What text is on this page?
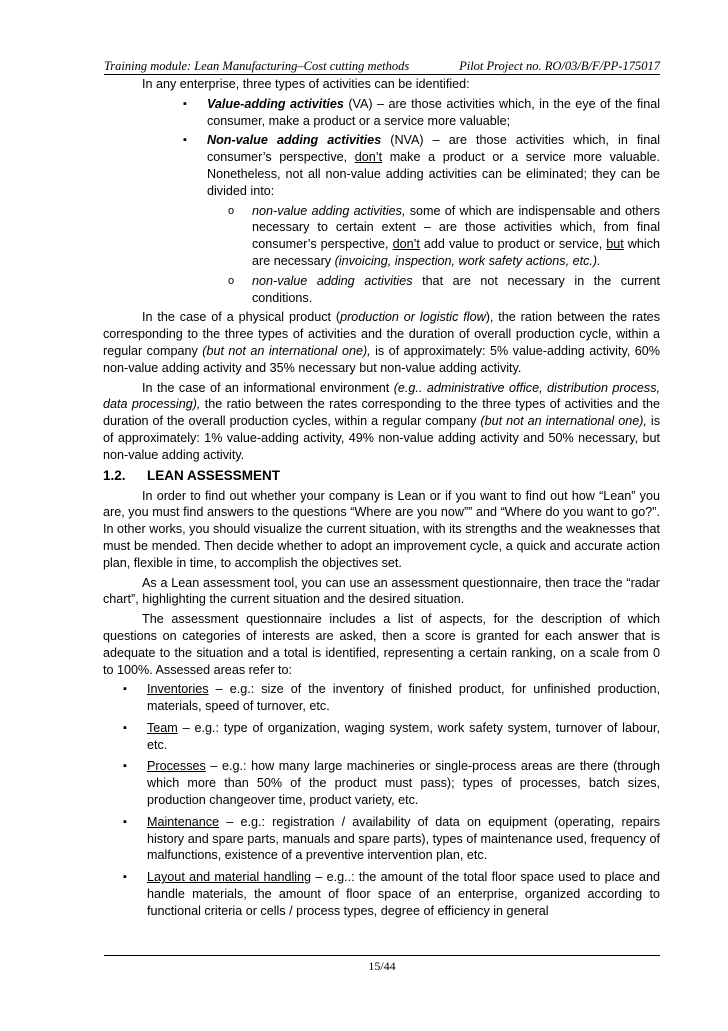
Training module: Lean Manufacturing–Cost cutting methods	Pilot Project no. RO/03/B/F/PP-175017

In any enterprise, three types of activities can be identified:

▪ Value-adding activities (VA) – are those activities which, in the eye of the final consumer, make a product or a service more valuable;
▪ Non-value adding activities (NVA) – are those activities which, in final consumer’s perspective, don’t make a product or a service more valuable. Nonetheless, not all non-value adding activities can be eliminated; they can be divided into:
o non-value adding activities, some of which are indispensable and others necessary to certain extent – are those activities which, from final consumer’s perspective, don’t add value to product or service, but which are necessary (invoicing, inspection, work safety actions, etc.).
o non-value adding activities that are not necessary in the current conditions.

In the case of a physical product (production or logistic flow), the ration between the rates corresponding to the three types of activities and the duration of overall production cycle, within a regular company (but not an international one), is of approximately: 5% value-adding activity, 60% non-value adding activity and 35% necessary but non-value adding activity.

In the case of an informational environment (e.g.. administrative office, distribution process, data processing), the ratio between the rates corresponding to the three types of activities and the duration of the overall production cycles, within a regular company (but not an international one), is of approximately: 1% value-adding activity, 49% non-value adding activity and 50% necessary, but non-value adding activity.

1.2. LEAN ASSESSMENT

In order to find out whether your company is Lean or if you want to find out how “Lean” you are, you must find answers to the questions “Where are you now”” and “Where do you want to go?”. In other works, you should visualize the current situation, with its strengths and the weaknesses that must be mended. Then decide whether to adopt an improvement cycle, a quick and accurate action plan, flexible in time, to accomplish the objectives set.

As a Lean assessment tool, you can use an assessment questionnaire, then trace the “radar chart”, highlighting the current situation and the desired situation.

The assessment questionnaire includes a list of aspects, for the description of which questions on categories of interests are asked, then a score is granted for each answer that is adequate to the situation and a total is identified, representing a certain ranking, on a scale from 0 to 100%. Assessed areas refer to:

▪ Inventories – e.g.: size of the inventory of finished product, for unfinished production, materials, speed of turnover, etc.
▪ Team – e.g.: type of organization, waging system, work safety system, turnover of labour, etc.
▪ Processes – e.g.: how many large machineries or single-process areas are there (through which more than 50% of the product must pass); types of processes, batch sizes, production changeover time, product variety, etc.
▪ Maintenance – e.g.: registration / availability of data on equipment (operating, repairs history and spare parts, manuals and spare parts), types of maintenance used, frequency of malfunctions, existence of a preventive intervention plan, etc.
▪ Layout and material handling – e.g..: the amount of the total floor space used to place and handle materials, the amount of floor space of an enterprise, organized according to functional criteria or cells / process types, degree of efficiency in general
15/44
